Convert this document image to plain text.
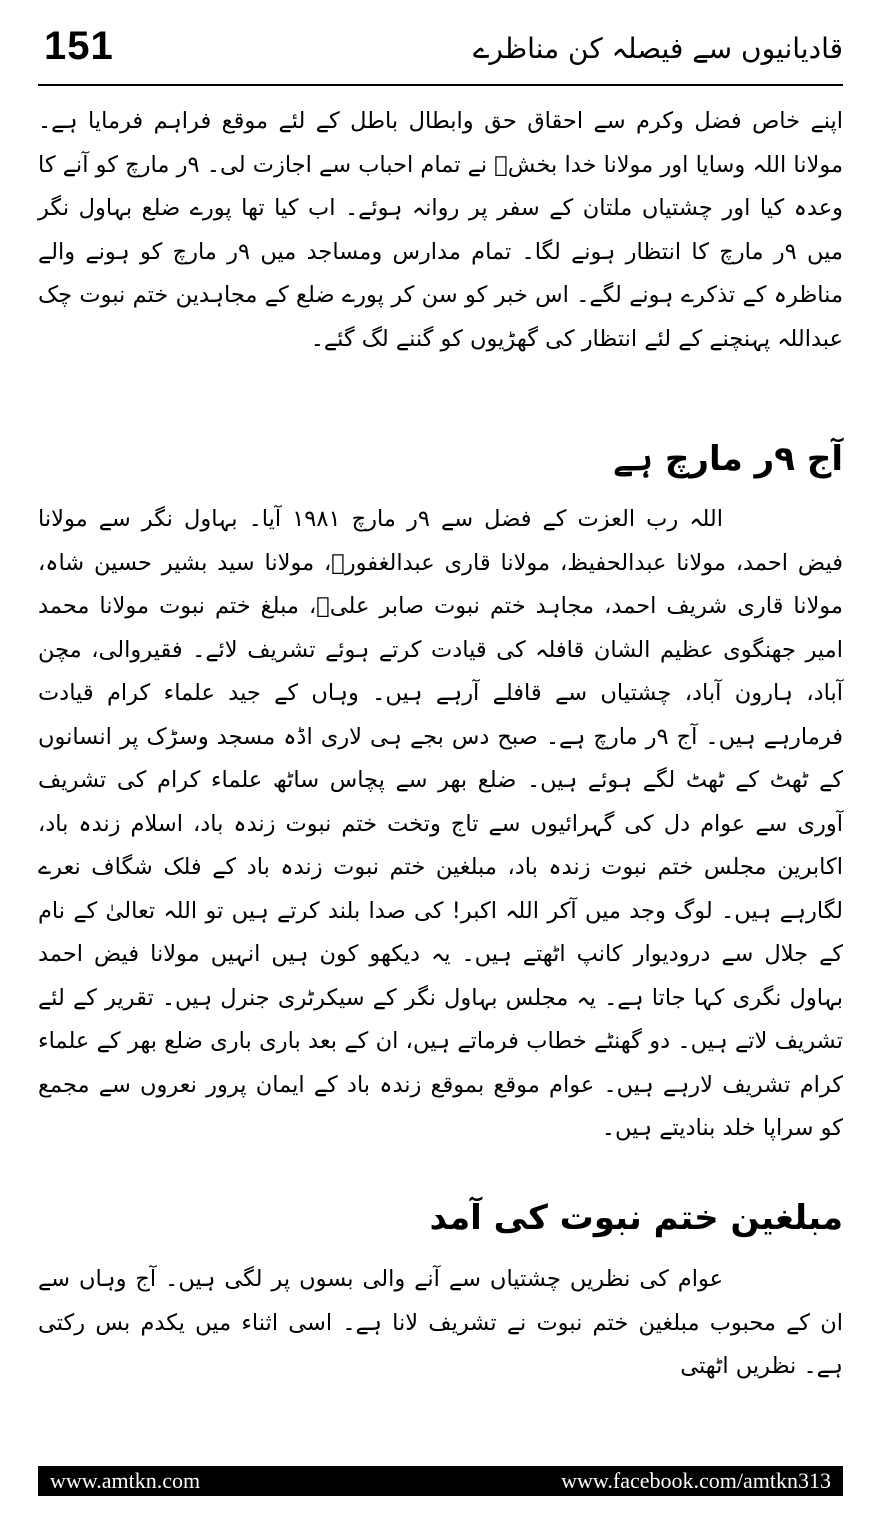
151	قادیانیوں سے فیصلہ کن مناظرے
اپنے خاص فضل وکرم سے احقاق حق وابطال باطل کے لئے موقع فراہم فرمایا ہے۔ مولانا اللہ وسایا اور مولانا خدا بخشؒ نے تمام احباب سے اجازت لی۔ ۹ر مارچ کو آنے کا وعدہ کیا اور چشتیاں ملتان کے سفر پر روانہ ہوئے۔ اب کیا تھا پورے ضلع بہاول نگر میں ۹ر مارچ کا انتظار ہونے لگا۔ تمام مدارس ومساجد میں ۹ر مارچ کو ہونے والے مناظرہ کے تذکرے ہونے لگے۔ اس خبر کو سن کر پورے ضلع کے مجاہدین ختم نبوت چک عبداللہ پہنچنے کے لئے انتظار کی گھڑیوں کو گننے لگ گئے۔
آج ۹ر مارچ ہے
اللہ رب العزت کے فضل سے ۹ر مارچ ۱۹۸۱ آیا۔ بہاول نگر سے مولانا فیض احمد، مولانا عبدالحفیظ، مولانا قاری عبدالغفورؒ، مولانا سید بشیر حسین شاہ، مولانا قاری شریف احمد، مجاہد ختم نبوت صابر علیؒ، مبلغ ختم نبوت مولانا محمد امیر جھنگوی عظیم الشان قافلہ کی قیادت کرتے ہوئے تشریف لائے۔ فقیروالی، مچن آباد، ہارون آباد، چشتیاں سے قافلے آرہے ہیں۔ وہاں کے جید علماء کرام قیادت فرمارہے ہیں۔ آج ۹ر مارچ ہے۔ صبح دس بجے ہی لاری اڈہ مسجد وسڑک پر انسانوں کے ٹھٹ کے ٹھٹ لگے ہوئے ہیں۔ ضلع بھر سے پچاس ساٹھ علماء کرام کی تشریف آوری سے عوام دل کی گہرائیوں سے تاج وتخت ختم نبوت زندہ باد، اسلام زندہ باد، اکابرین مجلس ختم نبوت زندہ باد، مبلغین ختم نبوت زندہ باد کے فلک شگاف نعرے لگارہے ہیں۔ لوگ وجد میں آکر اللہ اکبر! کی صدا بلند کرتے ہیں تو اللہ تعالیٰ کے نام کے جلال سے درودیوار کانپ اٹھتے ہیں۔ یہ دیکھو کون ہیں انہیں مولانا فیض احمد بہاول نگری کہا جاتا ہے۔ یہ مجلس بہاول نگر کے سیکرٹری جنرل ہیں۔ تقریر کے لئے تشریف لاتے ہیں۔ دو گھنٹے خطاب فرماتے ہیں، ان کے بعد باری باری ضلع بھر کے علماء کرام تشریف لارہے ہیں۔ عوام موقع بموقع زندہ باد کے ایمان پرور نعروں سے مجمع کو سراپا خلد بنادیتے ہیں۔
مبلغین ختم نبوت کی آمد
عوام کی نظریں چشتیاں سے آنے والی بسوں پر لگی ہیں۔ آج وہاں سے ان کے محبوب مبلغین ختم نبوت نے تشریف لانا ہے۔ اسی اثناء میں یکدم بس رکتی ہے۔ نظریں اٹھتی
www.amtkn.com	www.facebook.com/amtkn313
